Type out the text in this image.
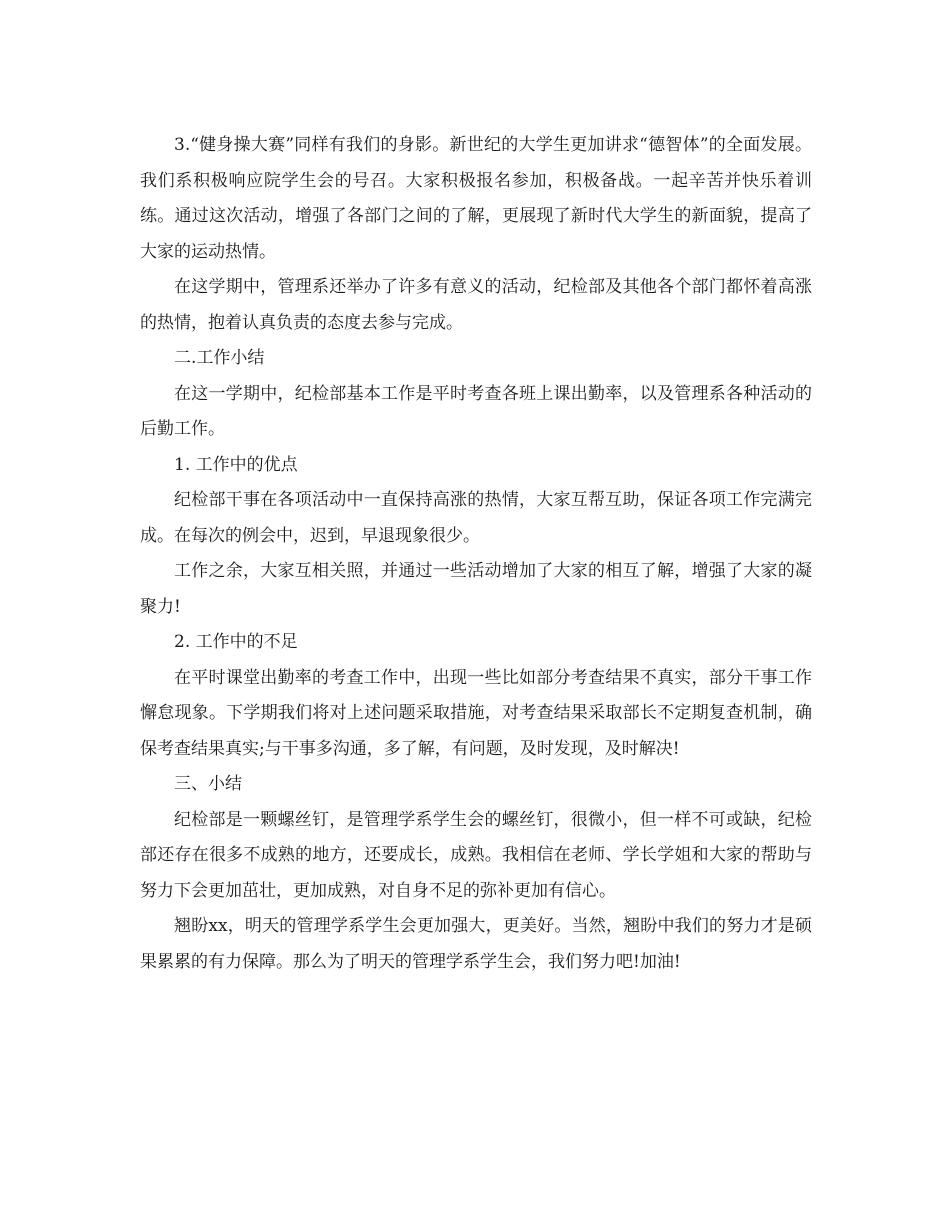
3.“健身操大赛”同样有我们的身影。新世纪的大学生更加讲求“德智体”的全面发展。我们系积极响应院学生会的号召。大家积极报名参加，积极备战。一起辛苦并快乐着训练。通过这次活动，增强了各部门之间的了解，更展现了新时代大学生的新面貌，提高了大家的运动热情。

在这学期中，管理系还举办了许多有意义的活动，纪检部及其他各个部门都怀着高涨的热情，抱着认真负责的态度去参与完成。

二.工作小结

在这一学期中，纪检部基本工作是平时考查各班上课出勤率，以及管理系各种活动的后勤工作。

1. 工作中的优点

纪检部干事在各项活动中一直保持高涨的热情，大家互帮互助，保证各项工作完满完成。在每次的例会中，迟到，早退现象很少。

工作之余，大家互相关照，并通过一些活动增加了大家的相互了解，增强了大家的凝聚力!

2. 工作中的不足

在平时课堂出勤率的考查工作中，出现一些比如部分考查结果不真实，部分干事工作懈怠现象。下学期我们将对上述问题采取措施，对考查结果采取部长不定期复查机制，确保考查结果真实;与干事多沟通，多了解，有问题，及时发现，及时解决!

三、小结

纪检部是一颗螺丝钉，是管理学系学生会的螺丝钉，很微小，但一样不可或缺，纪检部还存在很多不成熟的地方，还要成长，成熟。我相信在老师、学长学姐和大家的帮助与努力下会更加茁壮，更加成熟，对自身不足的弥补更加有信心。

翘盼xx，明天的管理学系学生会更加强大，更美好。当然，翘盼中我们的努力才是硕果累累的有力保障。那么为了明天的管理学系学生会，我们努力吧!加油!
